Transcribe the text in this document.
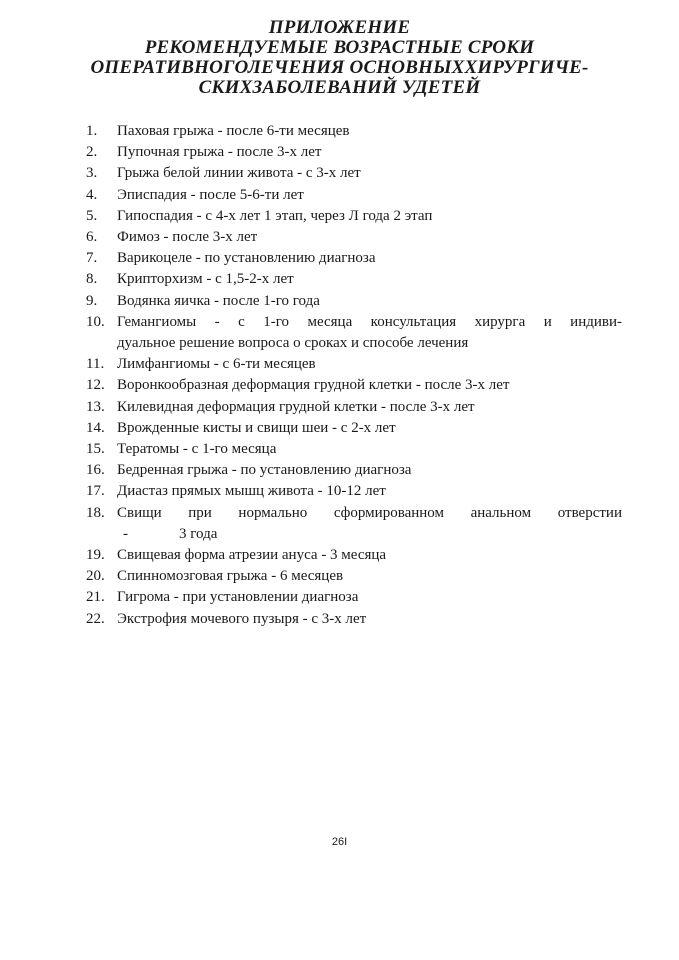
ПРИЛОЖЕНИЕ
РЕКОМЕНДУЕМЫЕ ВОЗРАСТНЫЕ СРОКИ
ОПЕРАТИВНОГОЛЕЧЕНИЯ ОСНОВНЫХХИРУРГИЧЕ-
СКИХЗАБОЛЕВАНИЙ УДЕТЕЙ
1. Паховая грыжа - после 6-ти месяцев
2. Пупочная грыжа - после 3-х лет
3. Грыжа белой линии живота - с 3-х лет
4. Эписпадия - после 5-6-ти лет
5. Гипоспадия - с 4-х лет 1 этап, через Л года 2 этап
6. Фимоз - после 3-х лет
7. Варикоцеле - по установлению диагноза
8. Крипторхизм - с 1,5-2-х лет
9. Водянка яичка - после 1-го года
10. Гемангиомы - с 1-го месяца консультация хирурга и индиви-
дуальное решение вопроса о сроках и способе лечения
11. Лимфангиомы - с 6-ти месяцев
12. Воронкообразная деформация грудной клетки - после 3-х лет
13. Килевидная деформация грудной клетки - после 3-х лет
14. Врожденные кисты и свищи шеи - с 2-х лет
15. Тератомы - с 1-го месяца
16. Бедренная грыжа - по установлению диагноза
17. Диастаз прямых мышц живота - 10-12 лет
18. Свищи при нормально сформированном анальном отверстии
-	3 года
19. Свищевая форма атрезии ануса - 3 месяца
20. Спинномозговая грыжа - 6 месяцев
21. Гигрома - при установлении диагноза
22. Экстрофия мочевого пузыря - с 3-х лет
26I
